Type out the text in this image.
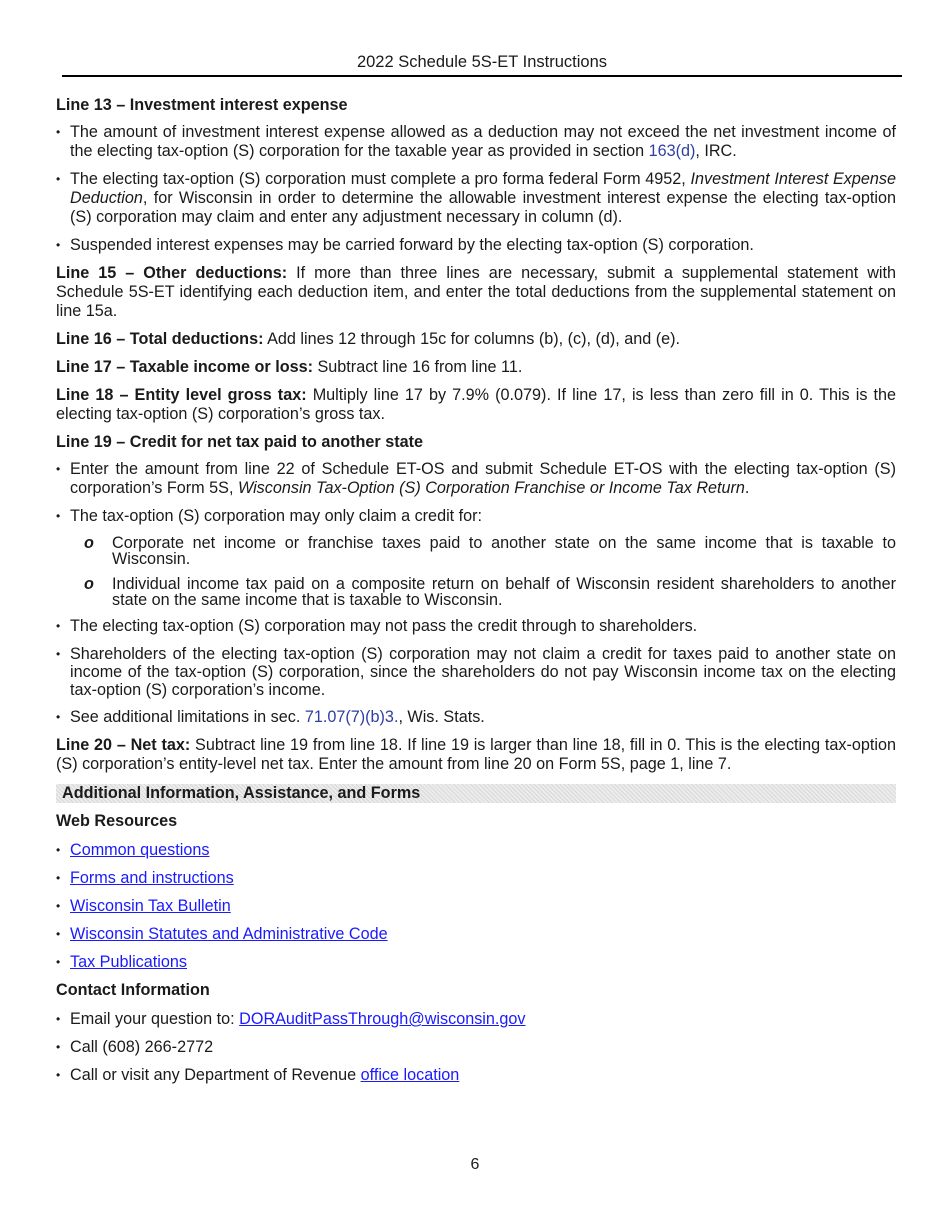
2022 Schedule 5S-ET Instructions

Line 13 – Investment interest expense

• The amount of investment interest expense allowed as a deduction may not exceed the net investment income of the electing tax-option (S) corporation for the taxable year as provided in section 163(d), IRC.
• The electing tax-option (S) corporation must complete a pro forma federal Form 4952, Investment Interest Expense Deduction, for Wisconsin in order to determine the allowable investment interest expense the electing tax-option (S) corporation may claim and enter any adjustment necessary in column (d).
• Suspended interest expenses may be carried forward by the electing tax-option (S) corporation.

Line 15 – Other deductions: If more than three lines are necessary, submit a supplemental statement with Schedule 5S-ET identifying each deduction item, and enter the total deductions from the supplemental statement on line 15a.

Line 16 – Total deductions: Add lines 12 through 15c for columns (b), (c), (d), and (e).

Line 17 – Taxable income or loss: Subtract line 16 from line 11.

Line 18 – Entity level gross tax: Multiply line 17 by 7.9% (0.079). If line 17, is less than zero fill in 0. This is the electing tax-option (S) corporation’s gross tax.

Line 19 – Credit for net tax paid to another state

• Enter the amount from line 22 of Schedule ET-OS and submit Schedule ET-OS with the electing tax-option (S) corporation’s Form 5S, Wisconsin Tax-Option (S) Corporation Franchise or Income Tax Return.
• The tax-option (S) corporation may only claim a credit for:
o Corporate net income or franchise taxes paid to another state on the same income that is taxable to Wisconsin.
o Individual income tax paid on a composite return on behalf of Wisconsin resident shareholders to another state on the same income that is taxable to Wisconsin.
• The electing tax-option (S) corporation may not pass the credit through to shareholders.
• Shareholders of the electing tax-option (S) corporation may not claim a credit for taxes paid to another state on income of the tax-option (S) corporation, since the shareholders do not pay Wisconsin income tax on the electing tax-option (S) corporation’s income.
• See additional limitations in sec. 71.07(7)(b)3., Wis. Stats.

Line 20 – Net tax: Subtract line 19 from line 18. If line 19 is larger than line 18, fill in 0. This is the electing tax-option (S) corporation’s entity-level net tax. Enter the amount from line 20 on Form 5S, page 1, line 7.

Additional Information, Assistance, and Forms

Web Resources

• Common questions
• Forms and instructions
• Wisconsin Tax Bulletin
• Wisconsin Statutes and Administrative Code
• Tax Publications

Contact Information

• Email your question to: DORAuditPassThrough@wisconsin.gov
• Call (608) 266-2772
• Call or visit any Department of Revenue office location
6
